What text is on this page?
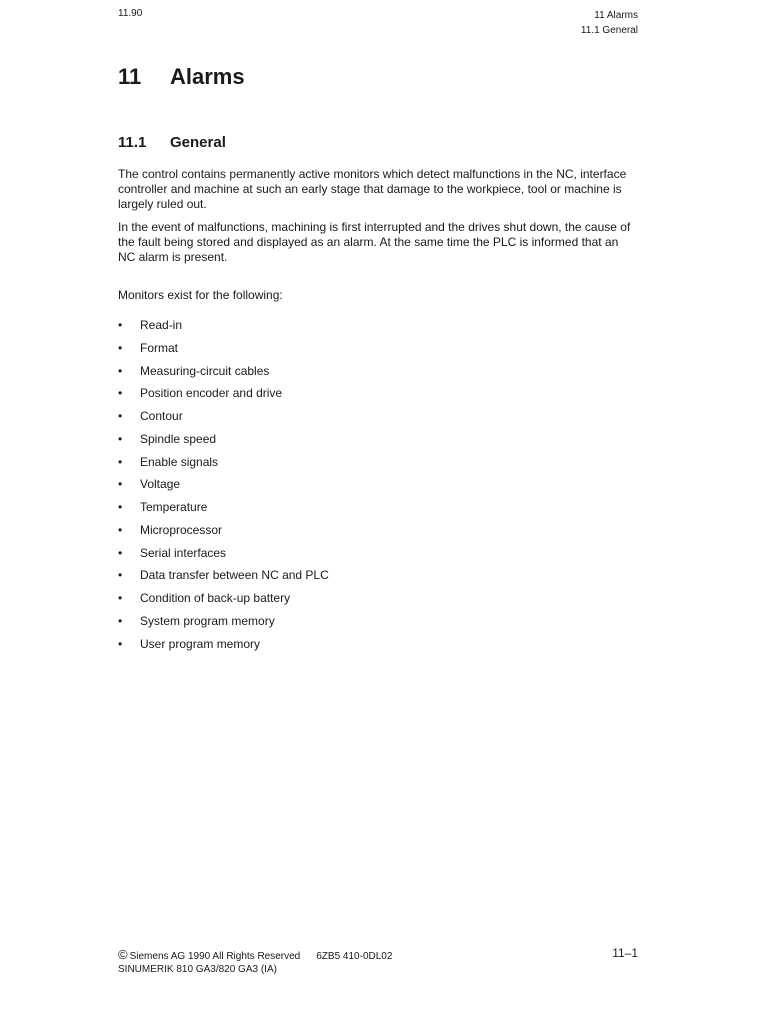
11.90	11 Alarms
11.1 General
11 Alarms
11.1 General

The control contains permanently active monitors which detect malfunctions in the NC, interface controller and machine at such an early stage that damage to the workpiece, tool or machine is largely ruled out.

In the event of malfunctions, machining is first interrupted and the drives shut down, the cause of the fault being stored and displayed as an alarm. At the same time the PLC is informed that an NC alarm is present.

Monitors exist for the following:

•	Read-in
•	Format
•	Measuring-circuit cables
•	Position encoder and drive
•	Contour
•	Spindle speed
•	Enable signals
•	Voltage
•	Temperature
•	Microprocessor
•	Serial interfaces
•	Data transfer between NC and PLC
•	Condition of back-up battery
•	System program memory
•	User program memory
© Siemens AG 1990 All Rights Reserved 6ZB5 410-0DL02	11–1
SINUMERIK 810 GA3/820 GA3 (IA)
